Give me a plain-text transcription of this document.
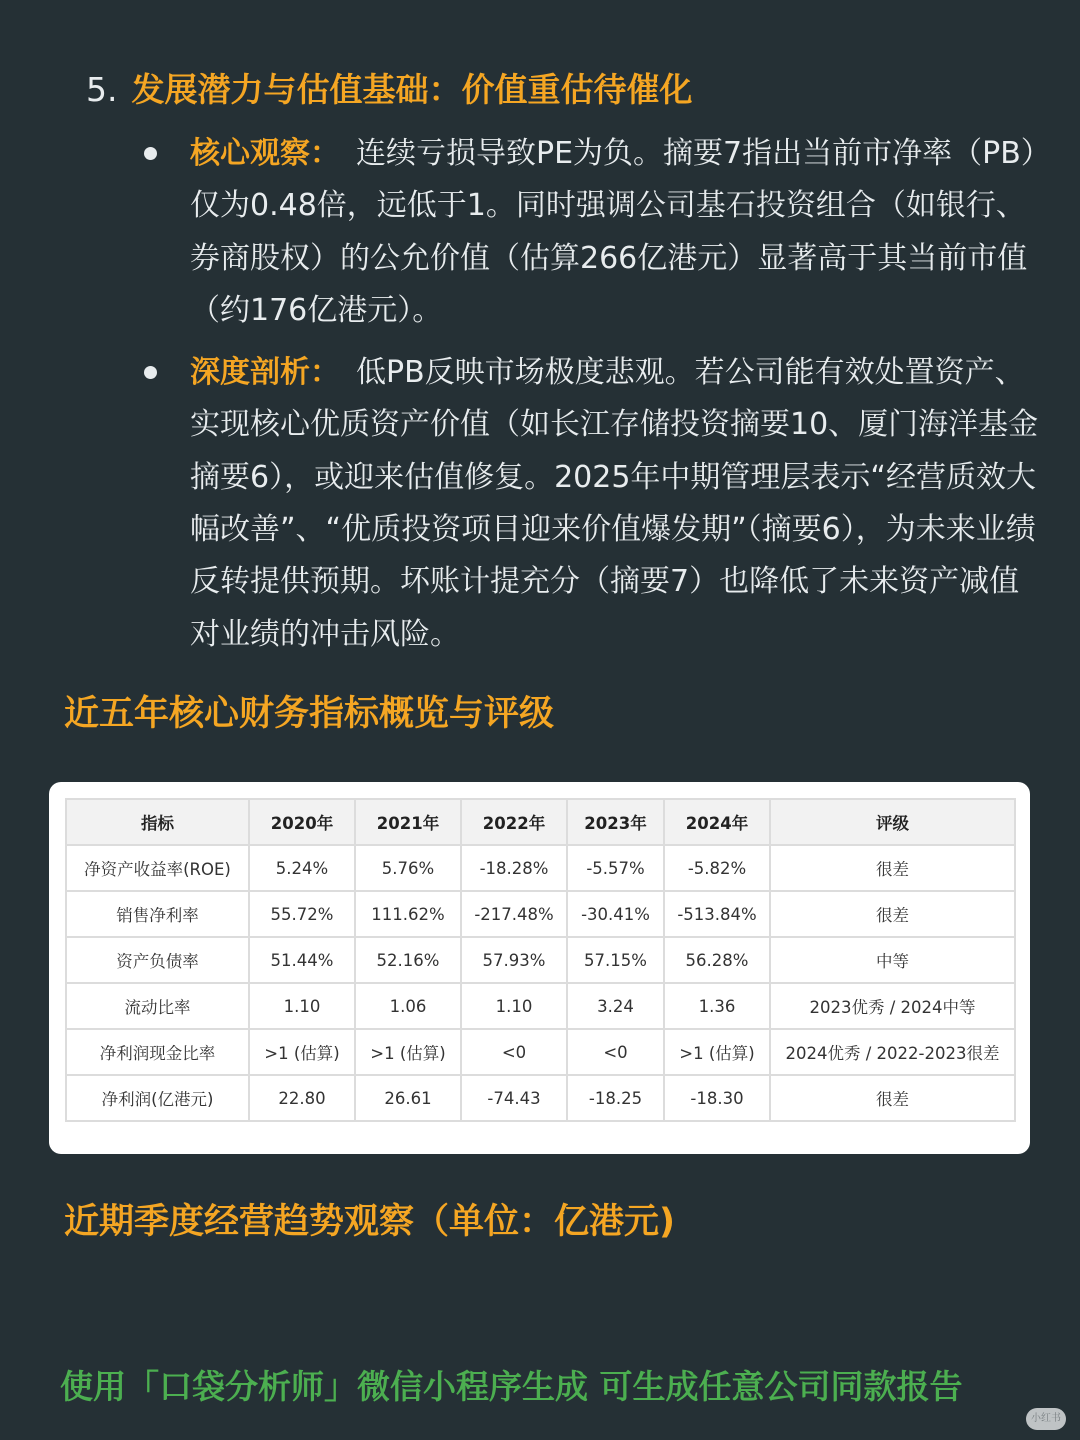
5. 发展潜力与估值基础：价值重估待催化
核心观察： 连续亏损导致PE为负。摘要7指出当前市净率（PB）仅为0.48倍，远低于1。同时强调公司基石投资组合（如银行、券商股权）的公允价值（估算266亿港元）显著高于其当前市值（约176亿港元）。
深度剖析： 低PB反映市场极度悲观。若公司能有效处置资产、实现核心优质资产价值（如长江存储投资摘要10、厦门海洋基金摘要6），或迎来估值修复。2025年中期管理层表示“经营质效大幅改善”、“优质投资项目迎来价值爆发期”（摘要6），为未来业绩反转提供预期。坏账计提充分（摘要7）也降低了未来资产减值对业绩的冲击风险。
近五年核心财务指标概览与评级
指标	2020年	2021年	2022年	2023年	2024年	评级
净资产收益率(ROE)	5.24%	5.76%	-18.28%	-5.57%	-5.82%	很差
销售净利率	55.72%	111.62%	-217.48%	-30.41%	-513.84%	很差
资产负债率	51.44%	52.16%	57.93%	57.15%	56.28%	中等
流动比率	1.10	1.06	1.10	3.24	1.36	2023优秀 / 2024中等
净利润现金比率	>1 (估算)	>1 (估算)	<0	<0	>1 (估算)	2024优秀 / 2022-2023很差
净利润(亿港元)	22.80	26.61	-74.43	-18.25	-18.30	很差
近期季度经营趋势观察（单位：亿港元)
使用「口袋分析师」微信小程序生成 可生成任意公司同款报告
小红书
